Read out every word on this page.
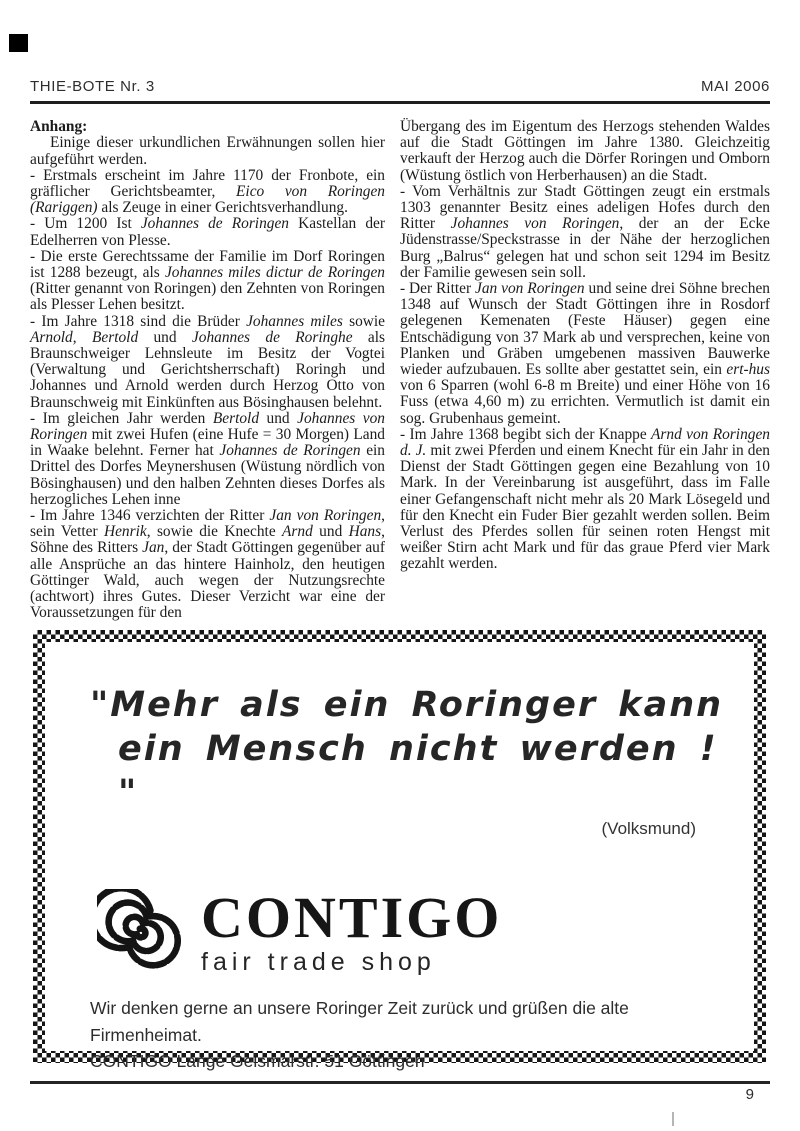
THIE-BOTE Nr. 3	MAI 2006

Anhang:

Einige dieser urkundlichen Erwähnungen sollen hier aufgeführt werden.

- Erstmals erscheint im Jahre 1170 der Fronbote, ein gräflicher Gerichtsbeamter, Eico von Roringen (Rariggen) als Zeuge in einer Gerichtsverhandlung.

- Um 1200 Ist Johannes de Roringen Kastellan der Edelherren von Plesse.

- Die erste Gerechtssame der Familie im Dorf Roringen ist 1288 bezeugt, als Johannes miles dictur de Roringen (Ritter genannt von Roringen) den Zehnten von Roringen als Plesser Lehen besitzt.

- Im Jahre 1318 sind die Brüder Johannes miles sowie Arnold, Bertold und Johannes de Roringhe als Braunschweiger Lehnsleute im Besitz der Vogtei (Verwaltung und Gerichtsherrschaft) Roringh und Johannes und Arnold werden durch Herzog Otto von Braunschweig mit Einkünften aus Bösinghausen belehnt.

- Im gleichen Jahr werden Bertold und Johannes von Roringen mit zwei Hufen (eine Hufe = 30 Morgen) Land in Waake belehnt. Ferner hat Johannes de Roringen ein Drittel des Dorfes Meynershusen (Wüstung nördlich von Bösinghausen) und den halben Zehnten dieses Dorfes als herzogliches Lehen inne

- Im Jahre 1346 verzichten der Ritter Jan von Roringen, sein Vetter Henrik, sowie die Knechte Arnd und Hans, Söhne des Ritters Jan, der Stadt Göttingen gegenüber auf alle Ansprüche an das hintere Hainholz, den heutigen Göttinger Wald, auch wegen der Nutzungsrechte (achtwort) ihres Gutes. Dieser Verzicht war eine der Voraussetzungen für den

Übergang des im Eigentum des Herzogs stehenden Waldes auf die Stadt Göttingen im Jahre 1380. Gleichzeitig verkauft der Herzog auch die Dörfer Roringen und Omborn (Wüstung östlich von Herberhausen) an die Stadt.

- Vom Verhältnis zur Stadt Göttingen zeugt ein erstmals 1303 genannter Besitz eines adeligen Hofes durch den Ritter Johannes von Roringen, der an der Ecke Jüdenstrasse/Speckstrasse in der Nähe der herzoglichen Burg „Balrus“ gelegen hat und schon seit 1294 im Besitz der Familie gewesen sein soll.

- Der Ritter Jan von Roringen und seine drei Söhne brechen 1348 auf Wunsch der Stadt Göttingen ihre in Rosdorf gelegenen Kemenaten (Feste Häuser) gegen eine Entschädigung von 37 Mark ab und versprechen, keine von Planken und Gräben umgebenen massiven Bauwerke wieder aufzubauen. Es sollte aber gestattet sein, ein ert-hus von 6 Sparren (wohl 6-8 m Breite) und einer Höhe von 16 Fuss (etwa 4,60 m) zu errichten. Vermutlich ist damit ein sog. Grubenhaus gemeint.

- Im Jahre 1368 begibt sich der Knappe Arnd von Roringen d. J. mit zwei Pferden und einem Knecht für ein Jahr in den Dienst der Stadt Göttingen gegen eine Bezahlung von 10 Mark. In der Vereinbarung ist ausgeführt, dass im Falle einer Gefangenschaft nicht mehr als 20 Mark Lösegeld und für den Knecht ein Fuder Bier gezahlt werden sollen. Beim Verlust des Pferdes sollen für seinen roten Hengst mit weißer Stirn acht Mark und für das graue Pferd vier Mark gezahlt werden.

"Mehr als ein Roringer kann
ein Mensch nicht werden ! "
(Volksmund)
CONTIGO
fair trade shop
Wir denken gerne an unsere Roringer Zeit zurück und grüßen die alte Firmenheimat.
CONTIGO Lange Geismarstr. 51 Göttingen
9
